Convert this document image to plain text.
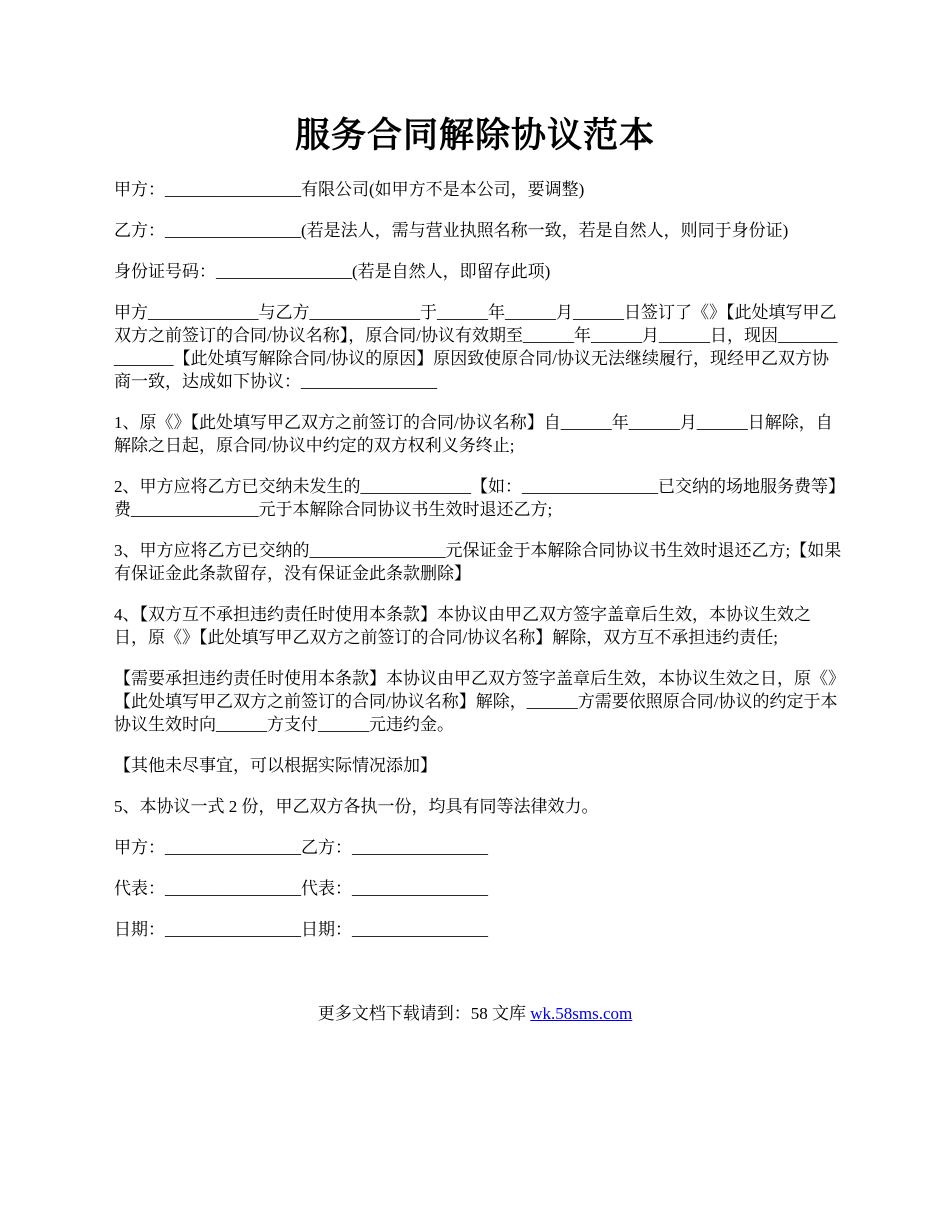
服务合同解除协议范本

甲方：________________有限公司(如甲方不是本公司，要调整)

乙方：________________(若是法人，需与营业执照名称一致，若是自然人，则同于身份证)

身份证号码：________________(若是自然人，即留存此项)

甲方_____________与乙方_____________于______年______月______日签订了《》【此处填写甲乙双方之前签订的合同/协议名称】，原合同/协议有效期至______年______月______日，现因______________【此处填写解除合同/协议的原因】原因致使原合同/协议无法继续履行，现经甲乙双方协商一致，达成如下协议：________________

1、原《》【此处填写甲乙双方之前签订的合同/协议名称】自______年______月______日解除，自解除之日起，原合同/协议中约定的双方权利义务终止;

2、甲方应将乙方已交纳未发生的_____________【如：________________已交纳的场地服务费等】费_______________元于本解除合同协议书生效时退还乙方;

3、甲方应将乙方已交纳的________________元保证金于本解除合同协议书生效时退还乙方;【如果有保证金此条款留存，没有保证金此条款删除】

4、【双方互不承担违约责任时使用本条款】本协议由甲乙双方签字盖章后生效，本协议生效之日，原《》【此处填写甲乙双方之前签订的合同/协议名称】解除，双方互不承担违约责任;

【需要承担违约责任时使用本条款】本协议由甲乙双方签字盖章后生效，本协议生效之日，原《》【此处填写甲乙双方之前签订的合同/协议名称】解除，______方需要依照原合同/协议的约定于本协议生效时向______方支付______元违约金。

【其他未尽事宜，可以根据实际情况添加】

5、本协议一式 2 份，甲乙双方各执一份，均具有同等法律效力。

甲方：________________乙方：________________

代表：________________代表：________________

日期：________________日期：________________

更多文档下载请到：58 文库 wk.58sms.com
